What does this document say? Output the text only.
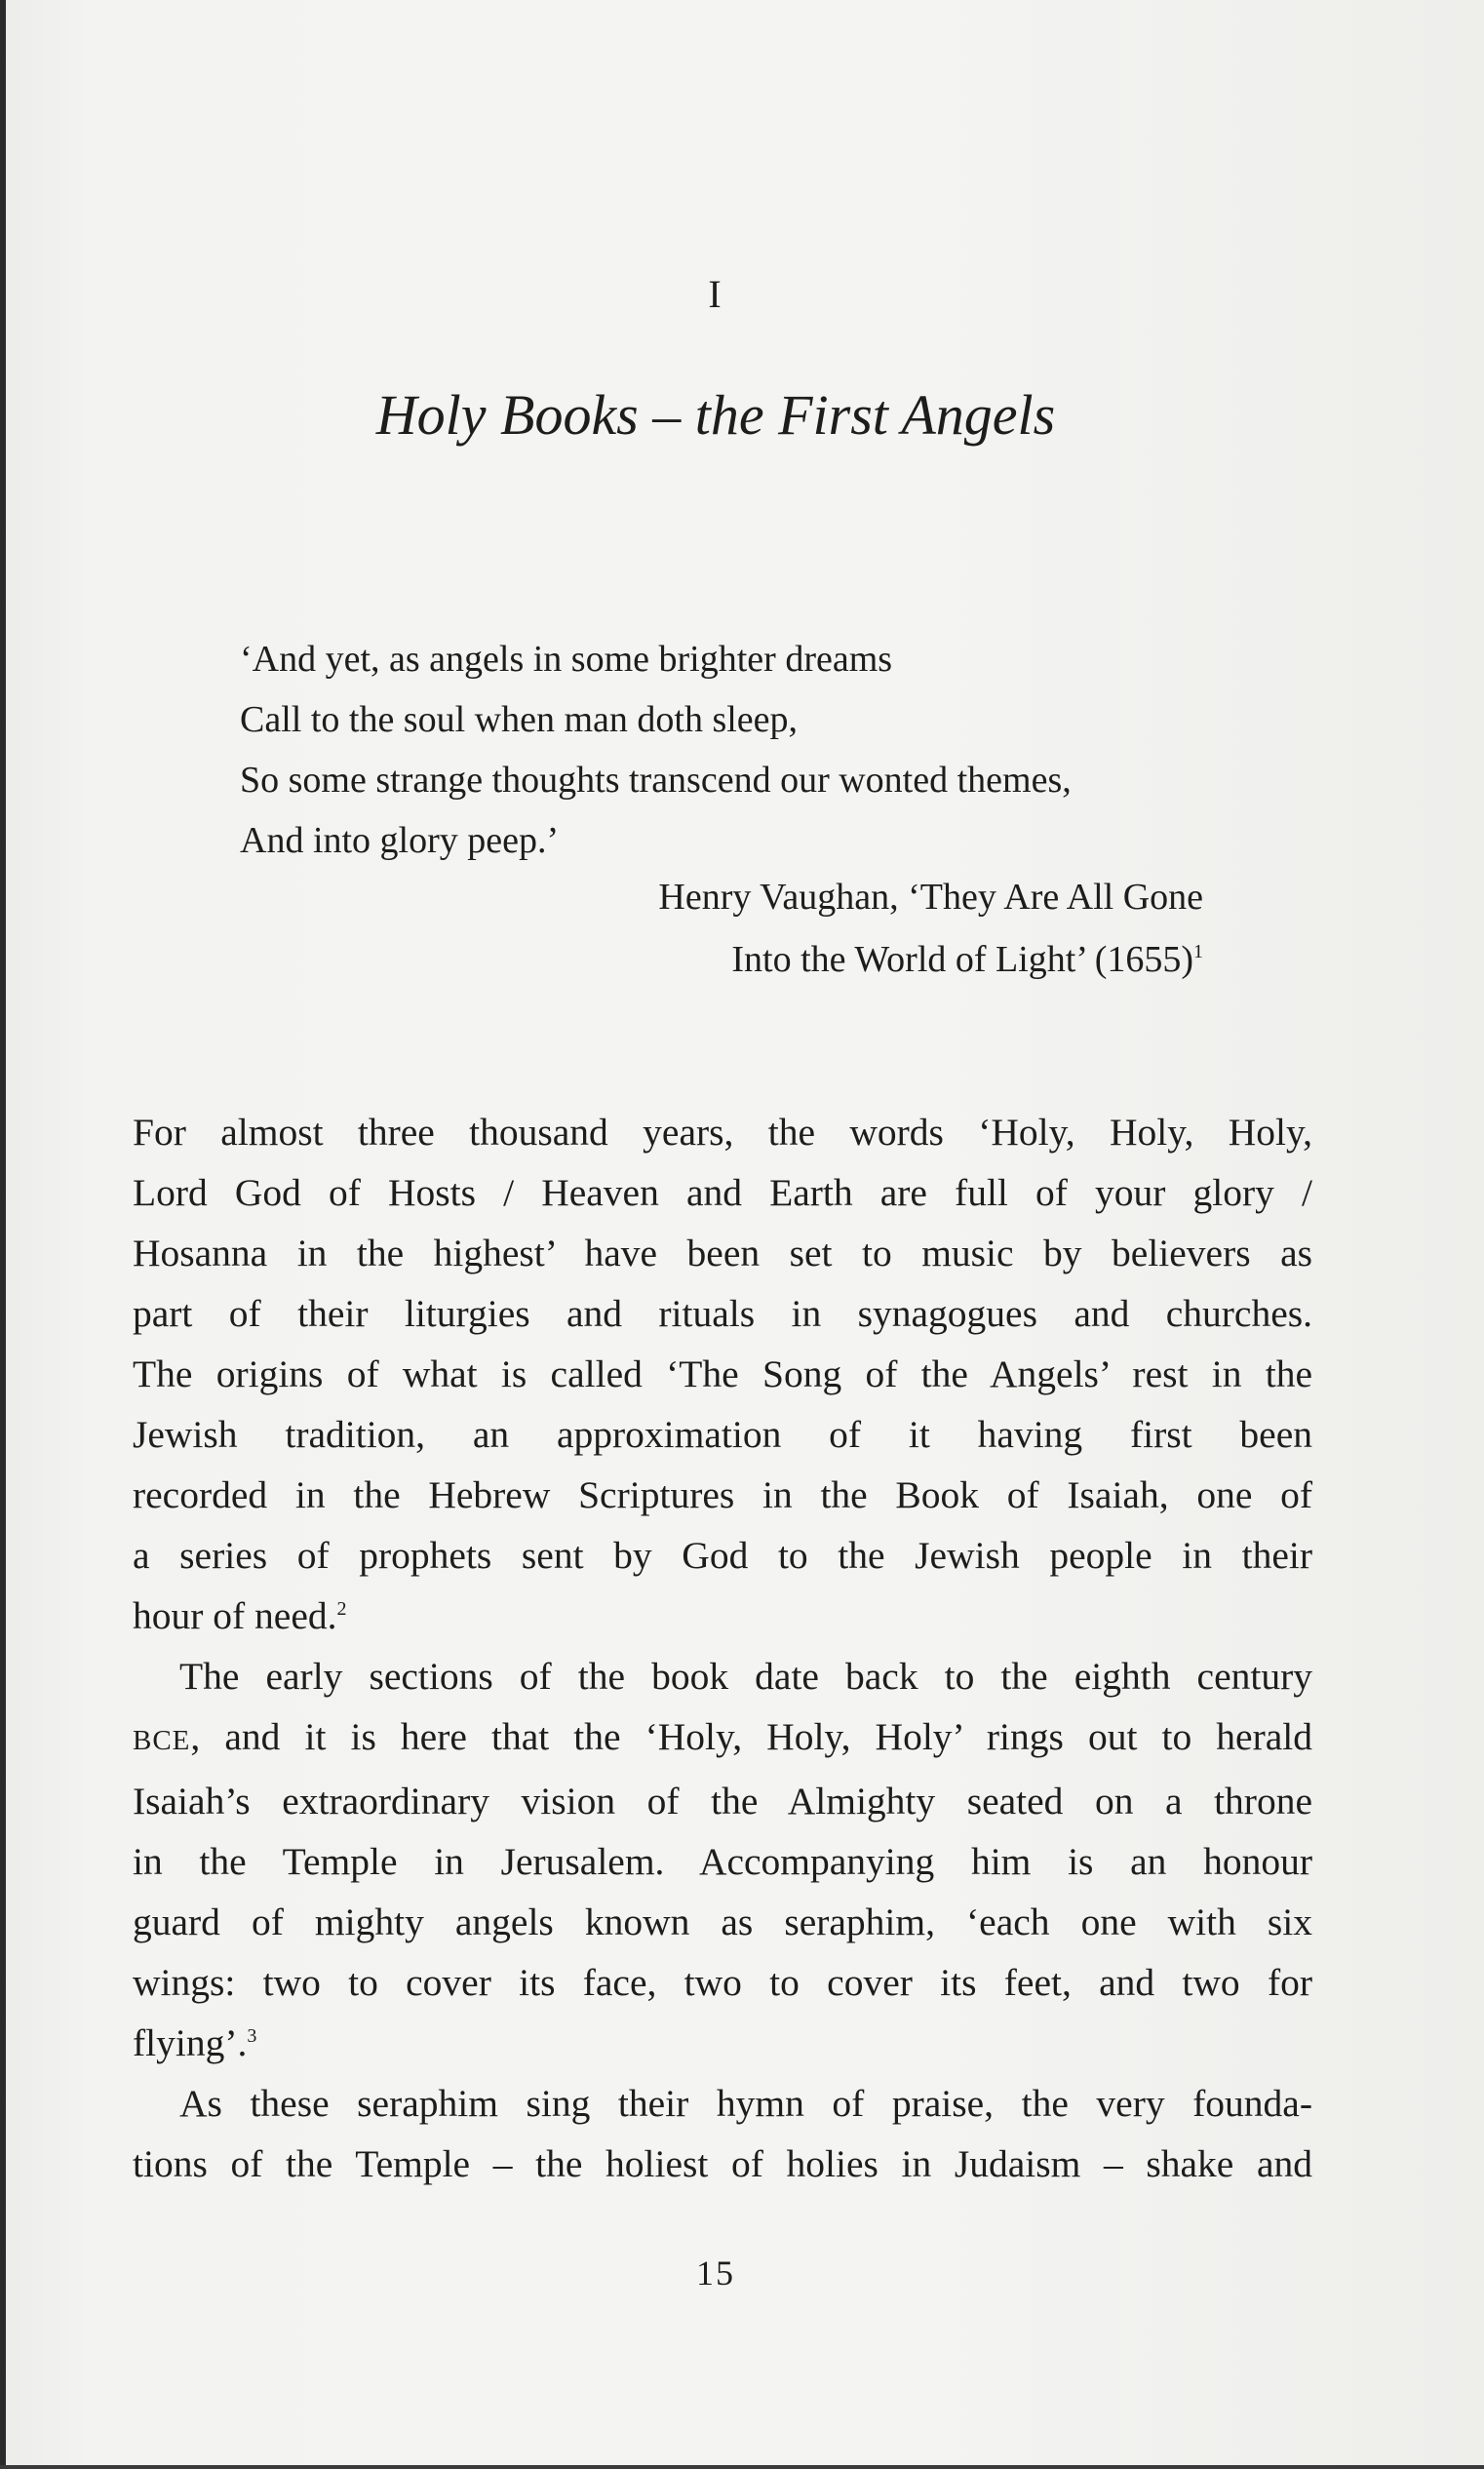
I
Holy Books – the First Angels
‘And yet, as angels in some brighter dreams
Call to the soul when man doth sleep,
So some strange thoughts transcend our wonted themes,
And into glory peep.’
Henry Vaughan, ‘They Are All Gone
Into the World of Light’ (1655)$^1$
For almost three thousand years, the words ‘Holy, Holy, Holy,
Lord God of Hosts / Heaven and Earth are full of your glory /
Hosanna in the highest’ have been set to music by believers as
part of their liturgies and rituals in synagogues and churches.
The origins of what is called ‘The Song of the Angels’ rest in the
Jewish tradition, an approximation of it having first been
recorded in the Hebrew Scriptures in the Book of Isaiah, one of
a series of prophets sent by God to the Jewish people in their
hour of need.$^2$
The early sections of the book date back to the eighth century
BCE, and it is here that the ‘Holy, Holy, Holy’ rings out to herald
Isaiah’s extraordinary vision of the Almighty seated on a throne
in the Temple in Jerusalem. Accompanying him is an honour
guard of mighty angels known as seraphim, ‘each one with six
wings: two to cover its face, two to cover its feet, and two for
flying’.$^3$
As these seraphim sing their hymn of praise, the very founda-
tions of the Temple – the holiest of holies in Judaism – shake and
15
